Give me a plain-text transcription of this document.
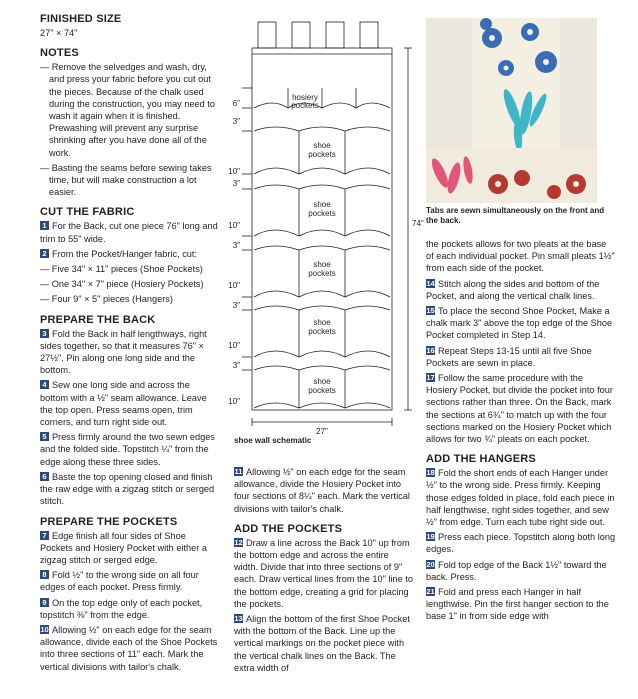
FINISHED SIZE

27" × 74"

NOTES

— Remove the selvedges and wash, dry, and press your fabric before you cut out the pieces. Because of the chalk used during the construction, you may need to wash it again when it is finished. Prewashing will prevent any surprise shrinking after you have done all of the work.

— Basting the seams before sewing takes time, but will make construction a lot easier.

CUT THE FABRIC

1 For the Back, cut one piece 76" long and trim to 55" wide.

2 From the Pocket/Hanger fabric, cut:

— Five 34" × 11" pieces (Shoe Pockets)

— One 34" × 7" piece (Hosiery Pockets)

— Four 9" × 5" pieces (Hangers)

PREPARE THE BACK

3 Fold the Back in half lengthways, right sides together, so that it measures 76" × 27½". Pin along one long side and the bottom.

4 Sew one long side and across the bottom with a ½" seam allowance. Leave the top open. Press seams open, trim corners, and turn right side out.

5 Press firmly around the two sewn edges and the folded side. Topstitch ¼" from the edge along these three sides.

6 Baste the top opening closed and finish the raw edge with a zigzag stitch or serged stitch.

PREPARE THE POCKETS

7 Edge finish all four sides of Shoe Pockets and Hosiery Pocket with either a zigzag stitch or serged edge.

8 Fold ½" to the wrong side on all four edges of each pocket. Press firmly.

9 On the top edge only of each pocket, topstitch ⅜" from the edge.

10 Allowing ½" on each edge for the seam allowance, divide each of the Shoe Pockets into three sections of 11" each. Mark the vertical divisions with tailor's chalk.

6"
3"
10"
3"
10"
3"
10"
3"
10"
3"
10"
74"
27"
hosiery
pockets
shoe
pockets
shoe
pockets
shoe
pockets
shoe
pockets
shoe
pockets
shoe wall schematic
Tabs are sewn simultaneously on the front and the back.

11 Allowing ½" on each edge for the seam allowance, divide the Hosiery Pocket into four sections of 8¼" each. Mark the vertical divisions with tailor's chalk.

ADD THE POCKETS

12 Draw a line across the Back 10" up from the bottom edge and across the entire width. Divide that into three sections of 9" each. Draw vertical lines from the 10" line to the bottom edge, creating a grid for placing the pockets.

13 Align the bottom of the first Shoe Pocket with the bottom of the Back. Line up the vertical markings on the pocket piece with the vertical chalk lines on the Back. The extra width of

the pockets allows for two pleats at the base of each individual pocket. Pin small pleats 1½" from each side of the pocket.

14 Stitch along the sides and bottom of the Pocket, and along the vertical chalk lines.

15 To place the second Shoe Pocket, Make a chalk mark 3" above the top edge of the Shoe Pocket completed in Step 14.

16 Repeat Steps 13-15 until all five Shoe Pockets are sewn in place.

17 Follow the same procedure with the Hosiery Pocket, but divide the pocket into four sections rather than three. On the Back, mark the sections at 6¾" to match up with the four sections marked on the Hosiery Pocket which allows for two ¾" pleats on each pocket.

ADD THE HANGERS

18 Fold the short ends of each Hanger under ½" to the wrong side. Press firmly. Keeping those edges folded in place, fold each piece in half lengthwise, right sides together, and sew ½" from edge. Turn each tube right side out.

19 Press each piece. Topstitch along both long edges.

20 Fold top edge of the Back 1½" toward the back. Press.

21 Fold and press each Hanger in half lengthwise. Pin the first hanger section to the base 1" in from side edge with
